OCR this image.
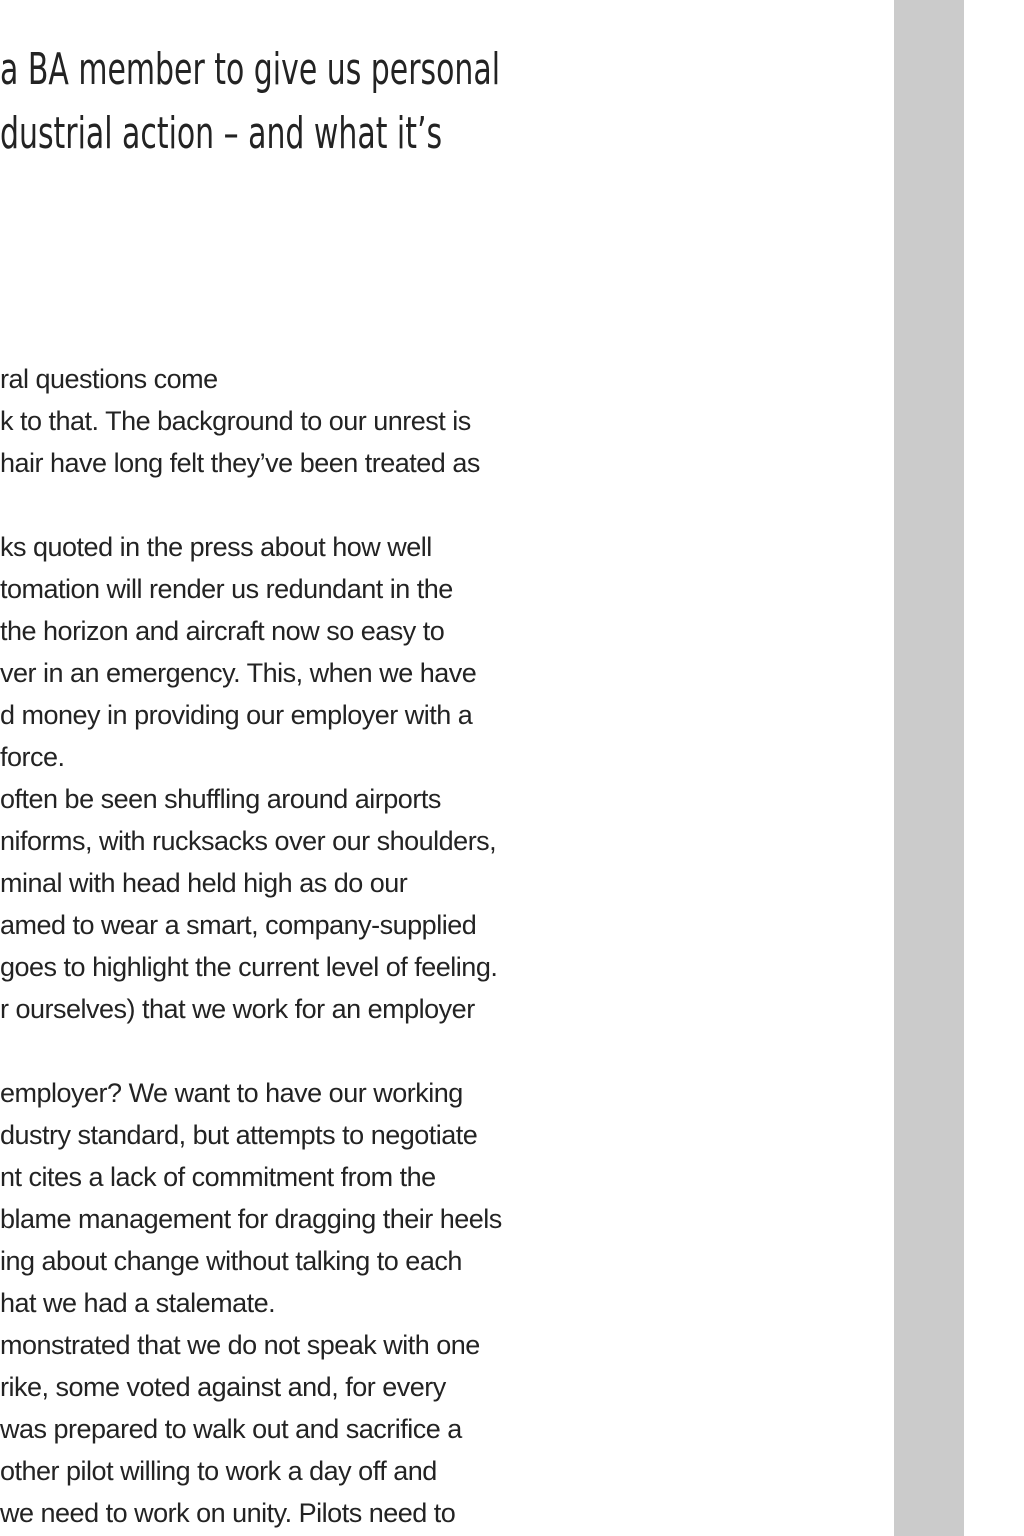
a BA member to give us personal
dustrial action – and what it’s
ral questions come
k to that. The background to our unrest is
hair have long felt they’ve been treated as
ks quoted in the press about how well
tomation will render us redundant in the
the horizon and aircraft now so easy to
ver in an emergency. This, when we have
d money in providing our employer with a
force.
often be seen shuffling around airports
niforms, with rucksacks over our shoulders,
minal with head held high as do our
amed to wear a smart, company-supplied
goes to highlight the current level of feeling.
r ourselves) that we work for an employer
employer? We want to have our working
dustry standard, but attempts to negotiate
nt cites a lack of commitment from the
blame management for dragging their heels
ing about change without talking to each
hat we had a stalemate.
monstrated that we do not speak with one
rike, some voted against and, for every
was prepared to walk out and sacrifice a
other pilot willing to work a day off and
we need to work on unity. Pilots need to
